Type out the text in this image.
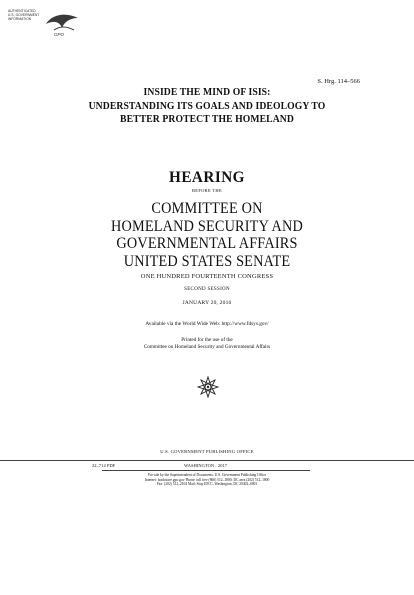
AUTHENTICATED
U.S. GOVERNMENT
INFORMATION
GPO
S. Hrg. 114–566
INSIDE THE MIND OF ISIS:
UNDERSTANDING ITS GOALS AND IDEOLOGY TO
BETTER PROTECT THE HOMELAND
HEARING
BEFORE THE
COMMITTEE ON
HOMELAND SECURITY AND
GOVERNMENTAL AFFAIRS
UNITED STATES SENATE
ONE HUNDRED FOURTEENTH CONGRESS
SECOND SESSION
JANUARY 20, 2016
Available via the World Wide Web: http://www.fdsys.gov/
Printed for the use of the
Committee on Homeland Security and Governmental Affairs
U.S. GOVERNMENT PUBLISHING OFFICE
22–714 PDF	WASHINGTON : 2017
For sale by the Superintendent of Documents, U.S. Government Publishing Office
Internet: bookstore.gpo.gov Phone: toll free (866) 512–1800; DC area (202) 512–1800
Fax: (202) 512–2104 Mail: Stop IDCC, Washington, DC 20402–0001
